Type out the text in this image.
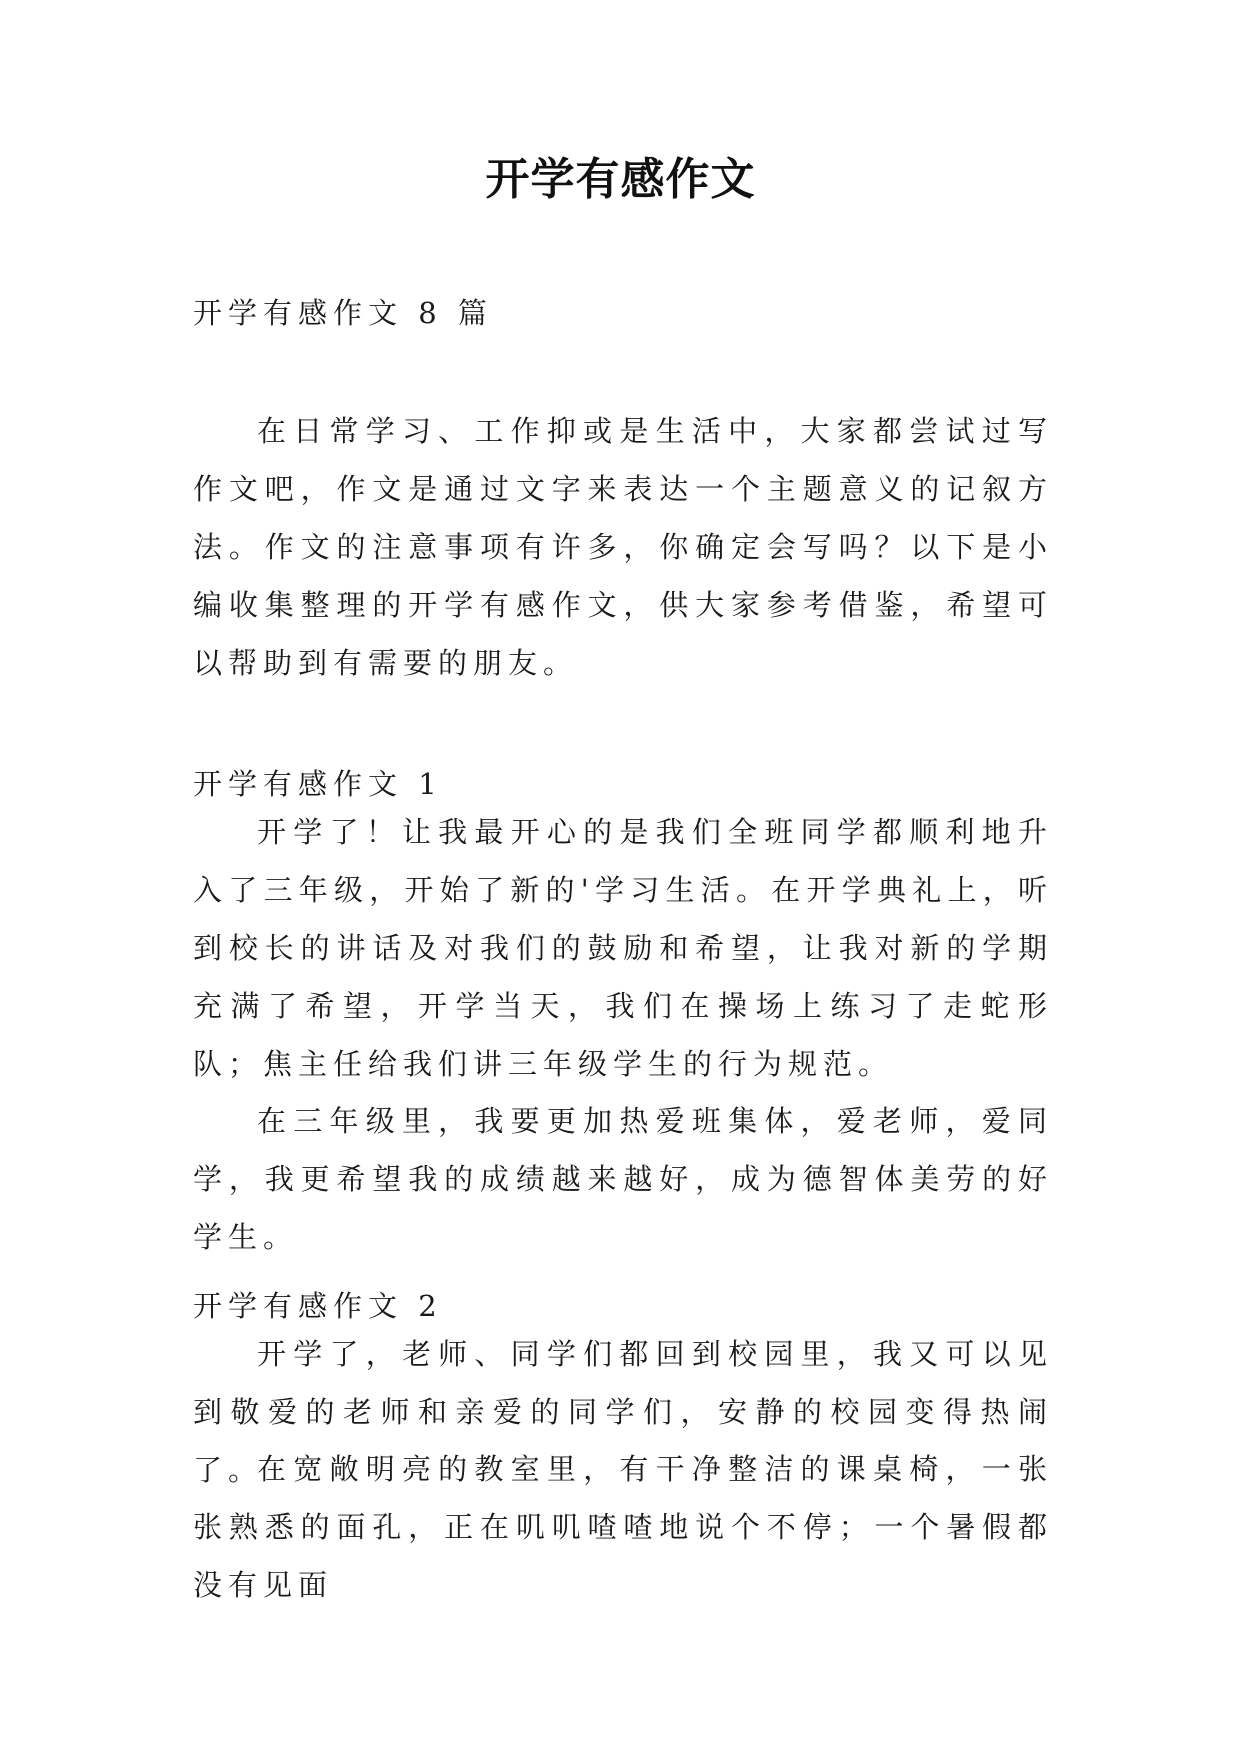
开学有感作文
开学有感作文 8 篇

在日常学习、工作抑或是生活中，大家都尝试过写作文吧，作文是通过文字来表达一个主题意义的记叙方法。作文的注意事项有许多，你确定会写吗？以下是小编收集整理的开学有感作文，供大家参考借鉴，希望可以帮助到有需要的朋友。

开学有感作文 1

开学了！让我最开心的是我们全班同学都顺利地升入了三年级，开始了新的'学习生活。在开学典礼上，听到校长的讲话及对我们的鼓励和希望，让我对新的学期充满了希望，开学当天，我们在操场上练习了走蛇形队；焦主任给我们讲三年级学生的行为规范。

在三年级里，我要更加热爱班集体，爱老师，爱同学，我更希望我的成绩越来越好，成为德智体美劳的好学生。

开学有感作文 2

开学了，老师、同学们都回到校园里，我又可以见到敬爱的老师和亲爱的同学们，安静的校园变得热闹了。

在宽敞明亮的教室里，有干净整洁的课桌椅，一张张熟悉的面孔，正在叽叽喳喳地说个不停；一个暑假都没有见面
